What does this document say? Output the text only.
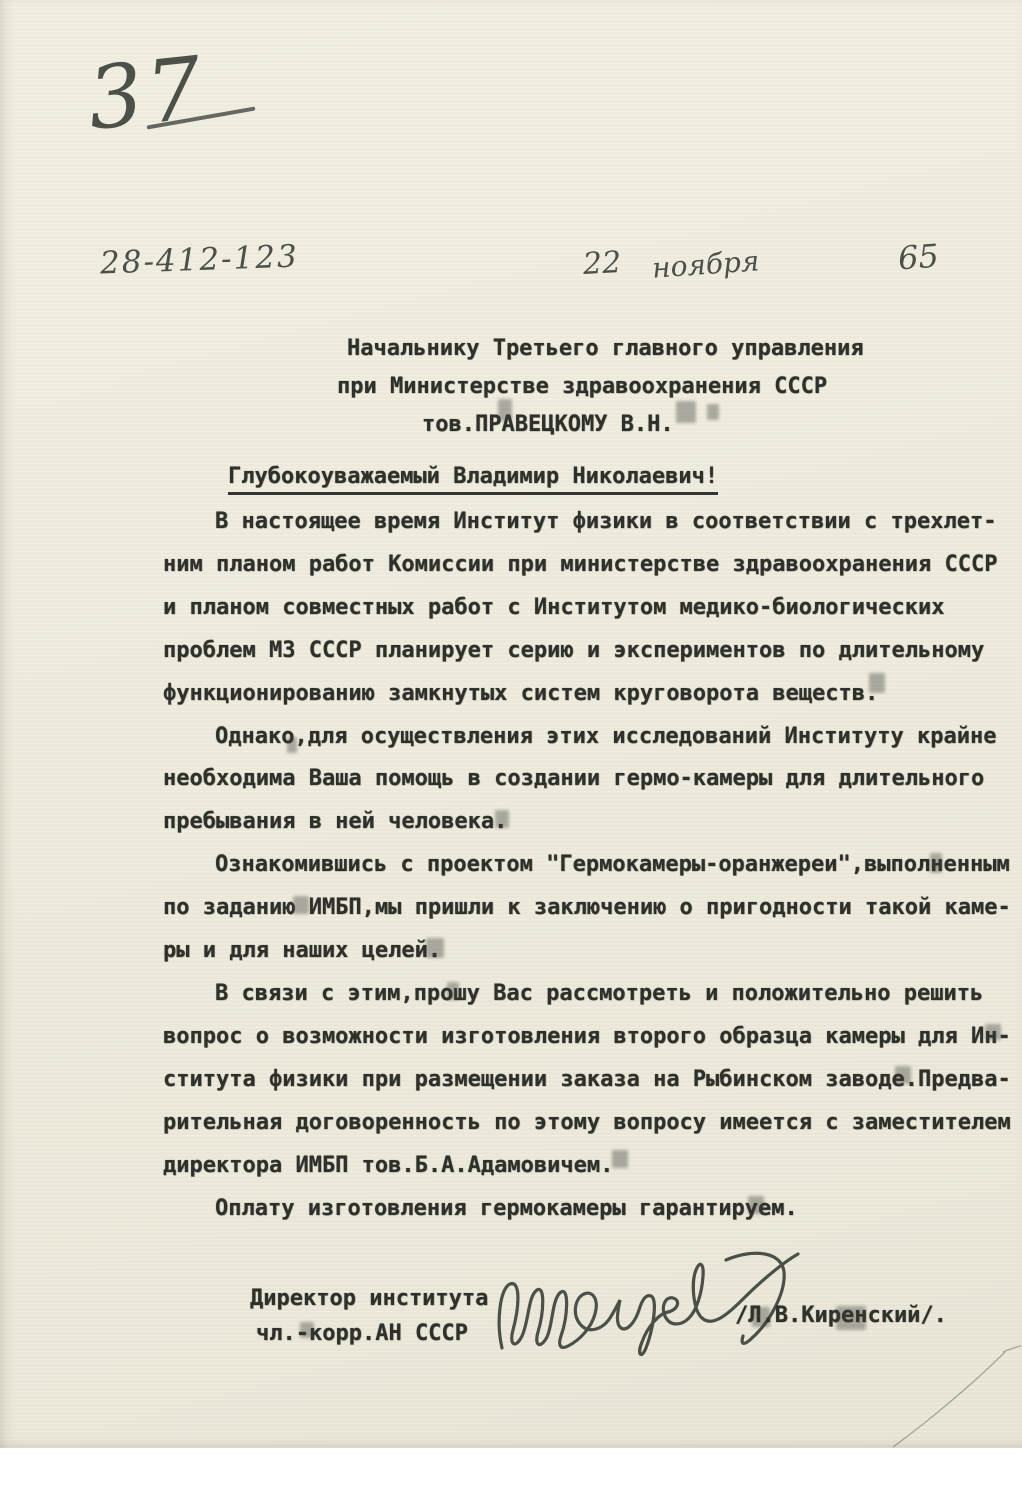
37
28-412-123	22 ноября	65
Начальнику Третьего главного управления
при Министерстве здравоохранения СССР
тов.ПРАВЕЦКОМУ В.Н.
Глубокоуважаемый Владимир Николаевич!
В настоящее время Институт физики в соответствии с трехлет-
ним планом работ Комиссии при министерстве здравоохранения СССР
и планом совместных работ с Институтом медико-биологических
проблем МЗ СССР планирует серию и экспериментов по длительному
функционированию замкнутых систем круговорота веществ.
Однако,для осуществления этих исследований Институту крайне
необходима Ваша помощь в создании гермо-камеры для длительного
пребывания в ней человека.
Ознакомившись с проектом "Гермокамеры-оранжереи",выполненным
по заданию ИМБП,мы пришли к заключению о пригодности такой каме-
ры и для наших целей.
В связи с этим,прошу Вас рассмотреть и положительно решить
вопрос о возможности изготовления второго образца камеры для Ин-
ститута физики при размещении заказа на Рыбинском заводе.Предва-
рительная договоренность по этому вопросу имеется с заместителем
директора ИМБП тов.Б.А.Адамовичем.
Оплату изготовления гермокамеры гарантируем.
Директор института
чл.-корр.АН СССР
/Л.В.Киренский/.
